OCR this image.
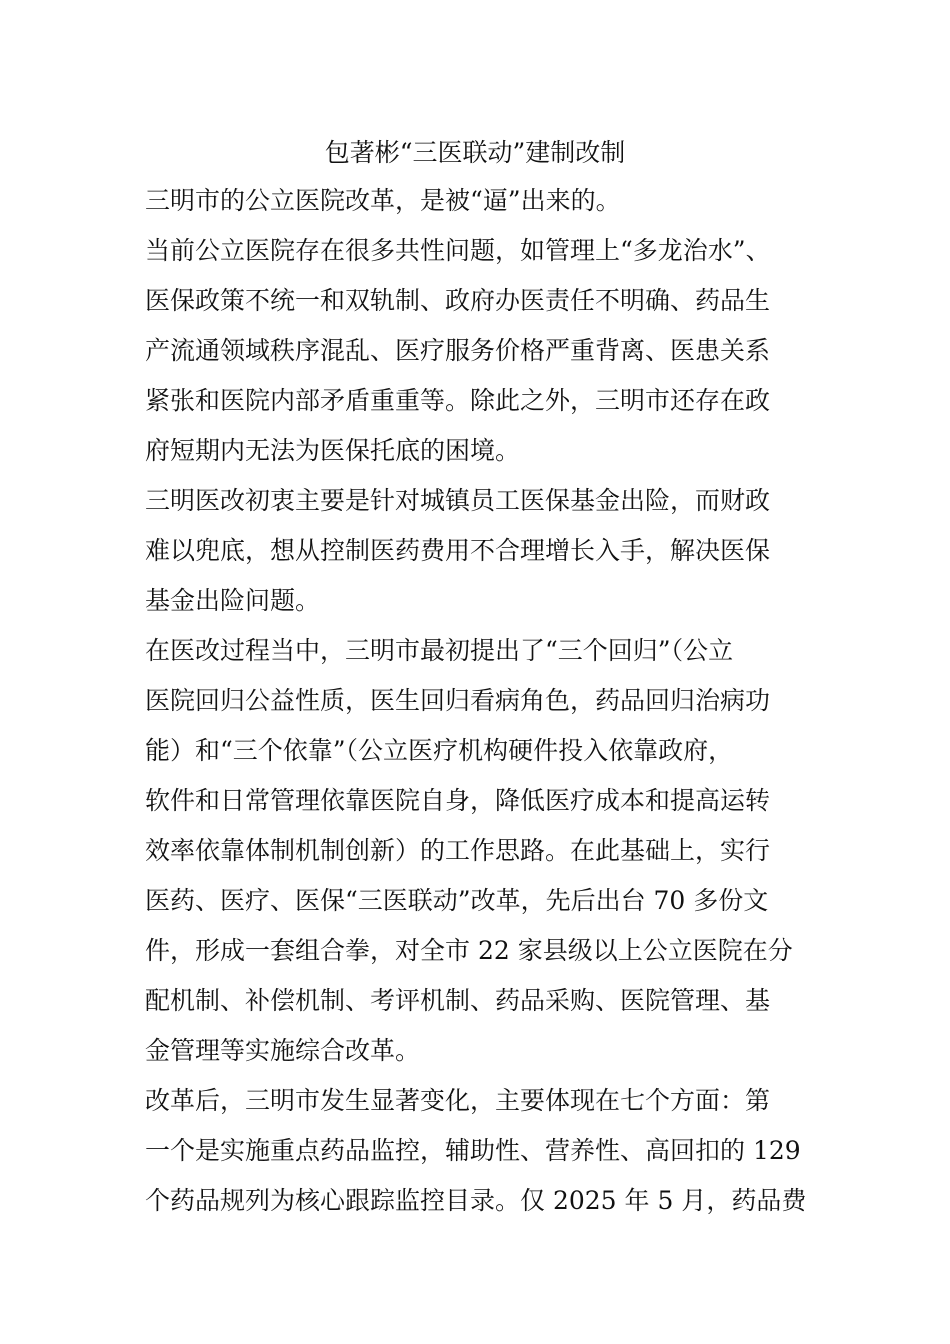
包著彬“三医联动”建制改制

三明市的公立医院改革，是被“逼”出来的。

当前公立医院存在很多共性问题，如管理上“多龙治水”、
医保政策不统一和双轨制、政府办医责任不明确、药品生
产流通领域秩序混乱、医疗服务价格严重背离、医患关系
紧张和医院内部矛盾重重等。除此之外，三明市还存在政
府短期内无法为医保托底的困境。

三明医改初衷主要是针对城镇员工医保基金出险，而财政
难以兜底，想从控制医药费用不合理增长入手，解决医保
基金出险问题。

在医改过程当中，三明市最初提出了“三个回归”（公立
医院回归公益性质，医生回归看病角色，药品回归治病功
能）和“三个依靠”（公立医疗机构硬件投入依靠政府，
软件和日常管理依靠医院自身，降低医疗成本和提高运转
效率依靠体制机制创新）的工作思路。在此基础上，实行
医药、医疗、医保“三医联动”改革，先后出台 70 多份文
件，形成一套组合拳，对全市 22 家县级以上公立医院在分
配机制、补偿机制、考评机制、药品采购、医院管理、基
金管理等实施综合改革。

改革后，三明市发生显著变化，主要体现在七个方面：第
一个是实施重点药品监控，辅助性、营养性、高回扣的 129
个药品规列为核心跟踪监控目录。仅 2025 年 5 月，药品费
